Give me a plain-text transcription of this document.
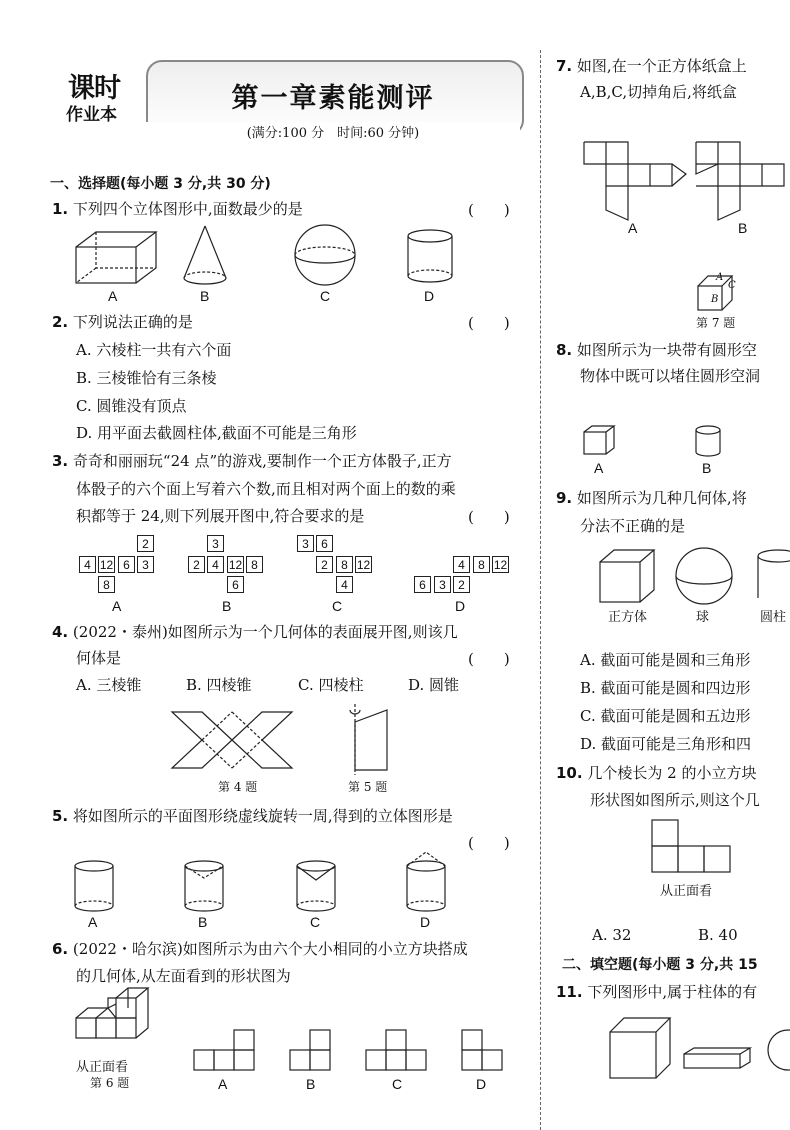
课时
作业本
第一章素能测评
(满分:100 分　时间:60 分钟)
一、选择题(每小题 3 分,共 30 分)
1. 下列四个立体图形中,面数最少的是	(　　)
A	B	C	D
2. 下列说法正确的是	(　　)
A. 六棱柱一共有六个面
B. 三棱锥恰有三条棱
C. 圆锥没有顶点
D. 用平面去截圆柱体,截面不可能是三角形
3. 奇奇和丽丽玩“24 点”的游戏,要制作一个正方体骰子,正方
体骰子的六个面上写着六个数,而且相对两个面上的数的乘
积都等于 24,则下列展开图中,符合要求的是	(　　)
2
4 12 6	3
8
A
3
2	4 12 8
6
B
3	6
2	8 12
4
C
4	8 12
6	3	2
D
4. (2022・泰州)如图所示为一个几何体的表面展开图,则该几
何体是	(　　)
A. 三棱锥	B. 四棱锥	C. 四棱柱	D. 圆锥
第 4 题	第 5 题
5. 将如图所示的平面图形绕虚线旋转一周,得到的立体图形是
(　　)
A	B	C	D
6. (2022・哈尔滨)如图所示为由六个大小相同的小立方块搭成
的几何体,从左面看到的形状图为
从正面看
第 6 题	A	B	C	D
7. 如图,在一个正方体纸盒上
A,B,C,切掉角后,将纸盒
A	B
A
C
B
第 7 题
8. 如图所示为一块带有圆形空
物体中既可以堵住圆形空洞
A	B
9. 如图所示为几种几何体,将
分法不正确的是
正方体	球	圆柱
A. 截面可能是圆和三角形
B. 截面可能是圆和四边形
C. 截面可能是圆和五边形
D. 截面可能是三角形和四
10. 几个棱长为 2 的小立方块
形状图如图所示,则这个几
从正面看
A. 32	B. 40
二、填空题(每小题 3 分,共 15
11. 下列图形中,属于柱体的有
